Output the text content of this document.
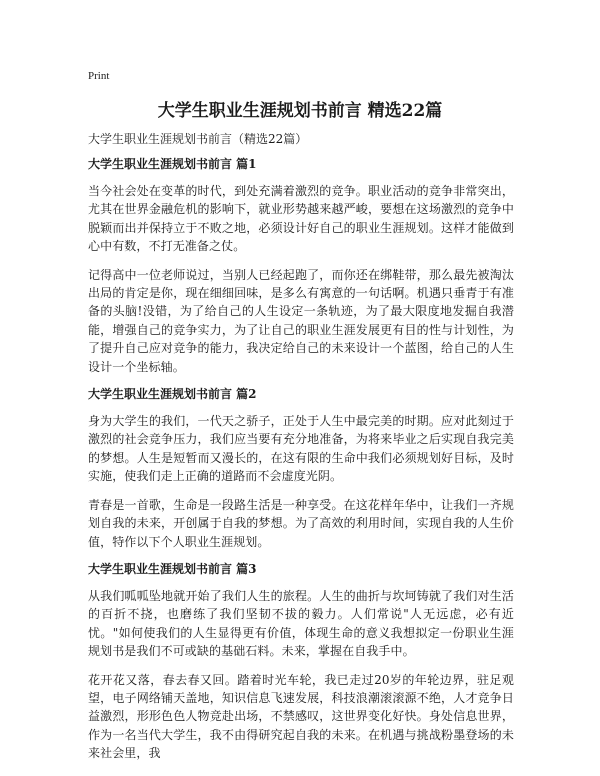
Print
大学生职业生涯规划书前言 精选22篇
大学生职业生涯规划书前言（精选22篇）
大学生职业生涯规划书前言 篇1
当今社会处在变革的时代，到处充满着激烈的竞争。职业活动的竞争非常突出，尤其在世界金融危机的影响下，就业形势越来越严峻，要想在这场激烈的竞争中脱颖而出并保持立于不败之地，必须设计好自己的职业生涯规划。这样才能做到心中有数，不打无准备之仗。
记得高中一位老师说过，当别人已经起跑了，而你还在绑鞋带，那么最先被淘汰出局的肯定是你，现在细细回味，是多么有寓意的一句话啊。机遇只垂青于有准备的头脑!没错，为了给自己的人生设定一条轨迹，为了最大限度地发掘自我潜能，增强自己的竞争实力，为了让自己的职业生涯发展更有目的性与计划性，为了提升自己应对竞争的能力，我决定给自己的未来设计一个蓝图，给自己的人生设计一个坐标轴。
大学生职业生涯规划书前言 篇2
身为大学生的我们，一代天之骄子，正处于人生中最完美的时期。应对此刻过于激烈的社会竞争压力，我们应当要有充分地准备，为将来毕业之后实现自我完美的梦想。人生是短暂而又漫长的，在这有限的生命中我们必须规划好目标，及时实施，使我们走上正确的道路而不会虚度光阴。
青春是一首歌，生命是一段路生活是一种享受。在这花样年华中，让我们一齐规划自我的未来，开创属于自我的梦想。为了高效的利用时间，实现自我的人生价值，特作以下个人职业生涯规划。
大学生职业生涯规划书前言 篇3
从我们呱呱坠地就开始了我们人生的旅程。人生的曲折与坎坷铸就了我们对生活的百折不挠，也磨练了我们坚韧不拔的毅力。人们常说"人无远虑，必有近忧。"如何使我们的人生显得更有价值，体现生命的意义我想拟定一份职业生涯规划书是我们不可或缺的基础石料。未来，掌握在自我手中。
花开花又落，春去春又回。踏着时光车轮，我已走过20岁的年轮边界，驻足观望，电子网络铺天盖地，知识信息飞速发展，科技浪潮滚滚源不绝，人才竞争日益激烈，形形色色人物竞赴出场，不禁感叹，这世界变化好快。身处信息世界，作为一名当代大学生，我不由得研究起自我的未来。在机遇与挑战粉墨登场的未来社会里，我
